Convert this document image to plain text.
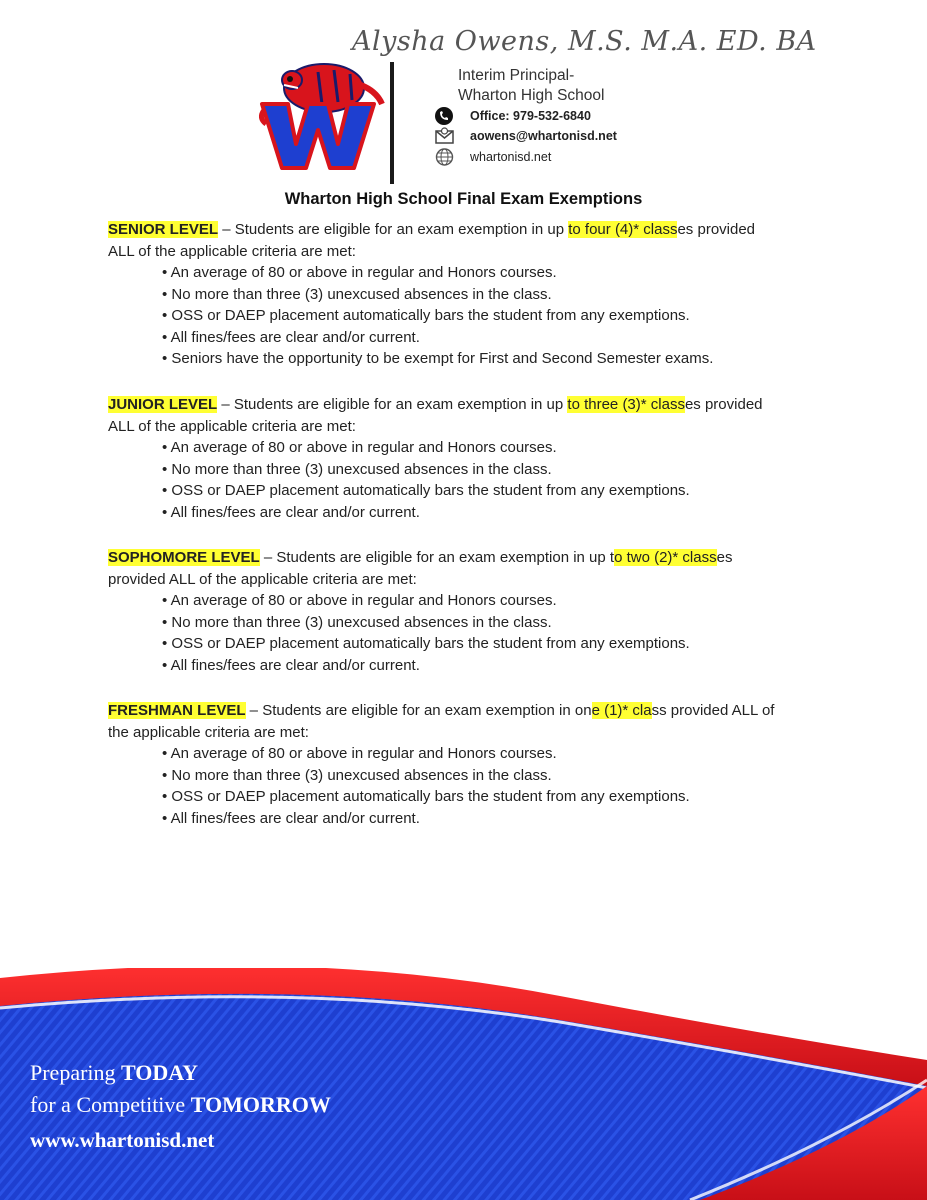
Alysha Owens, M.S. M.A. ED. BA
Interim Principal-
Wharton High School
Office: 979-532-6840
aowens@whartonisd.net
whartonisd.net
Wharton High School Final Exam Exemptions
SENIOR LEVEL – Students are eligible for an exam exemption in up to four (4)* classes provided
ALL of the applicable criteria are met:
• An average of 80 or above in regular and Honors courses.
• No more than three (3) unexcused absences in the class.
• OSS or DAEP placement automatically bars the student from any exemptions.
• All fines/fees are clear and/or current.
• Seniors have the opportunity to be exempt for First and Second Semester exams.
JUNIOR LEVEL – Students are eligible for an exam exemption in up to three (3)* classes provided
ALL of the applicable criteria are met:
• An average of 80 or above in regular and Honors courses.
• No more than three (3) unexcused absences in the class.
• OSS or DAEP placement automatically bars the student from any exemptions.
• All fines/fees are clear and/or current.
SOPHOMORE LEVEL – Students are eligible for an exam exemption in up to two (2)* classes
provided ALL of the applicable criteria are met:
• An average of 80 or above in regular and Honors courses.
• No more than three (3) unexcused absences in the class.
• OSS or DAEP placement automatically bars the student from any exemptions.
• All fines/fees are clear and/or current.
FRESHMAN LEVEL – Students are eligible for an exam exemption in one (1)* class provided ALL of
the applicable criteria are met:
• An average of 80 or above in regular and Honors courses.
• No more than three (3) unexcused absences in the class.
• OSS or DAEP placement automatically bars the student from any exemptions.
• All fines/fees are clear and/or current.
Preparing TODAY
for a Competitive TOMORROW
www.whartonisd.net
